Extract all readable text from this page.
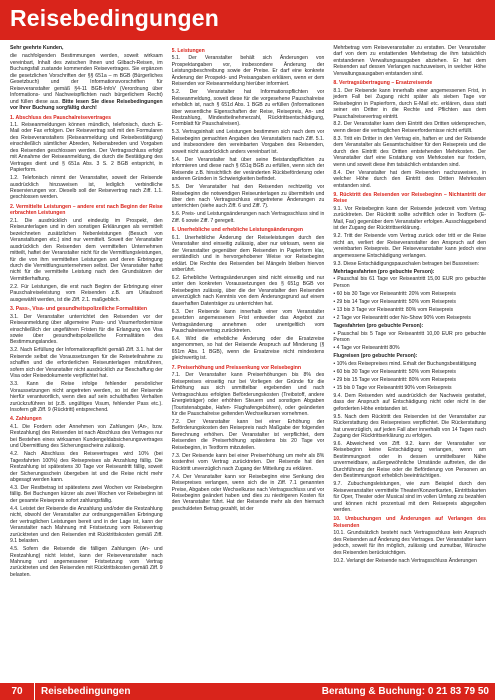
Reisebedingungen

Sehr geehrte Kunden,

die nachfolgenden Bestimmungen werden, soweit wirksam vereinbart, Inhalt des zwischen Ihnen und Gilbach-Reisen, im Buchungsfall zustande kommenden Reisevertrages. Sie ergänzen die gesetzlichen Vorschriften der §§ 651a – m BGB (Bürgerliches Gesetzbuch) und der Informationsvorschriften für Reiseveranstalter gemäß §4-11 BGB-InfoV (Verordnung über Informations- und Nachweispflichten nach bürgerlichem Recht) und füllen diese aus. Bitte lesen Sie diese Reisebedingungen vor Ihrer Buchung sorgfältig durch!

1. Abschluss des Pauschalreisevertrages

1.1. Reiseanmeldungen können mündlich, telefonisch, durch E-Mail oder Fax erfolgen. Der Reisevertrag soll mit den Formularen des Reiseveranstalters (Reiseanmeldung und Reisebestätigung) einschließlich sämtlicher Abreden, Nebenabreden und Vorgaben des Reisenden geschlossen werden. Der Vertragsschluss erfolgt mit Annahme der Reiseanmeldung, die durch die Bestätigung des Vertrages dient und § 651a Abs. 3 S. 2 BGB entspricht, in Papierform.

1.2. Telefonisch nimmt der Veranstalter, soweit der Reisende ausdrücklich hinzuweisen ist, lediglich verbindliche Reservierungen vor. Dieselb soll der Reisevertrag nach Ziff. 1.1. geschlossen werden.

2. Vermittelte Leistungen – andere erst nach Beginn der Reise erbrachten Leistungen

2.1. Die ausdrücklich und eindeutig im Prospekt, den Reiseunterlagen und in den sonstigen Erklärungen als vermittelt bezeichneten zusätzlichen Nebenleistungen (Besuch von Veranstaltungen etc.) sind nur vermittelt. Soweit der Veranstalter ausdrücklich den Reisenden dem vermittelten Unternehmen mitteilt, haftet der Veranstalter nicht für die Vermittlungsleistungen, für die von ihm vermittelten Leistungen und deren Erbringung durch die Vermittlungsunternehmen selbst. Der Veranstalter haftet nicht für die vermittelte Leistung nach den Grundsätzen der Vermittlerhaftung.

2.2. Für Leistungen, die erst nach Beginn der Erbringung einer Pauschalreiseleistung vom Reisenden z.B. am Urlaubsort ausgewählt werden, ist die Ziff. 2.1. maßgeblich.

3. Pass-, Visa- und gesundheitspolizeiliche Formalitäten

3.1. Der Veranstalter unterrichtet den Reisenden vor der Reiseanmeldung über allgemeine Pass- und Visumerfordernisse einschließlich der ungefähren Fristen für die Erlangung von Visa sowie über gesundheitspolizeiliche Formalitäten des Bestimmungslandes.

3.2. Nach Erfüllung der Informationspflicht gemäß Ziff. 3.1. hat der Reisende selbst die Voraussetzungen für die Reiseteilnahme zu schaffen und die erforderlichen Reiseunterlagen mitzuführen, sofern sich der Veranstalter nicht ausdrücklich zur Beschaffung der Visa oder Reisedokumente verpflichtet hat.

3.3. Kann die Reise infolge fehlender persönlicher Voraussetzungen nicht angetreten werden, so ist der Reisende hierfür verantwortlich, wenn dies auf sein schuldhaftes Verhalten zurückzuführen ist (z.B. ungültiges Visum, fehlender Pass etc.). Insofern gilt Ziff. 9 (Rücktritt) entsprechend.

4. Zahlungen

4.1. Die Fordern oder Annehmen von Zahlungen (An-, bzw. Restzahlung) des Reisenden ist nach Abschluss des Vertrages nur bei Bestehen eines wirksamen Kundengeldabsicherungsvertrages und Übermittlung des Sicherungsscheins zulässig.

4.2. Nach Abschluss des Reisevertrages wird 10% (bei Tagesfahrten 100%) des Reisepreises als Anzahlung fällig. Die Restzahlung ist spätestens 30 Tage vor Reiseantritt fällig, soweit der Sicherungsschein übergeben ist und die Reise nicht mehr abgesagt werden kann.

4.3. Der Restbetrag ist spätestens zwei Wochen vor Reisebeginn fällig. Bei Buchungen kürzer als zwei Wochen vor Reisebeginn ist der gesamte Reisepreis sofort zahlungsfällig.

4.4. Leistet der Reisende die Anzahlung und/oder die Restzahlung nicht, obwohl der Veranstalter zur ordnungsgemäßen Erbringung der vertraglichen Leistungen bereit und in der Lage ist, kann der Veranstalter nach Mahnung mit Fristsetzung vom Reisevertrag zurücktreten und den Reisenden mit Rücktrittskosten gemäß Ziff. 9.1 belasten.

4.5. Sofern die Reisende die fälligen Zahlungen (An- und Restzahlung) nicht leistet, kann der Reiseveranstalter nach Mahnung und angemessener Fristsetzung vom Vertrag zurücktreten und den Reisenden mit Rücktrittskosten gemäß Ziff. 9 belasten.

5. Leistungen

5.1. Der Veranstalter behält sich Änderungen von Prospektangaben vor, insbesondere Änderung der Leistungsbeschreibung sowie der Preise. Er darf eine konkrete Änderung der Prospekt- und Preisangaben erklären, wenn er dem Reisenden vor Reiseanmeldung hierüber informiert.

5.2. Der Veranstalter hat Informationspflichten vor Reiseanmeldung, soweit diese für die vorgesehene Pauschalreise erheblich ist, nach § 651d Abs. 1 BGB zu erfüllen (Informationen über wesentliche Eigenschaften der Reise, Reisepreis, An- und Restzahlung, Mindestteilnehmerzahl, Rücktrittsentschädigung, Formblatt für Pauschalreisen).

5.3. Vertragsinhalt und Leistungen bestimmen sich nach dem vor Reisebeginn gemachten Angaben des Veranstalters nach Ziff. 5.1. und insbesondere den vereinbarten Vorgaben des Reisenden, soweit nicht ausdrücklich anders vereinbart ist.

5.4. Der Veranstalter hat über seine Beistandspflichten zu informieren und diese nach § 651q BGB zu erfüllen, wenn sich der Reisende z.B. hinsichtlich der veränderten Rückbeförderung oder anderen Gründen in Schwierigkeiten befindet.

5.5. Der Veranstalter hat den Reisenden rechtzeitig vor Reisebeginn die notwendigen Reiseunterlagen zu übermitteln und über den nach Vertragsschluss eingetretene Änderungen zu unterrichten (siehe auch Ziff. 6 und Ziff. 7).

5.6. Preis- und Leistungsänderungen nach Vertragsschluss sind in Ziff. 6 sowie Ziff. 7 geregelt.

6. Unerhebliche und erhebliche Leistungsänderungen

6.1. Unerhebliche Änderung der Reiseleistungen durch den Veranstalter sind einseitig zulässig, aber nur wirksam, wenn sie der Veranstalter gegenüber dem Reisenden in Papierform klar, verständlich und in hervorgehobener Weise vor Reisebeginn erklärt. Die Rechte des Reisenden bei Mängeln bleiben hiervon unberührt.

6.2. Erhebliche Vertragsänderungen sind nicht einseitig und nur unter den konkreten Voraussetzungen des § 651g BGB vor Reisebeginn zulässig, über die der Veranstalter den Reisenden unverzüglich nach Kenntnis von dem Änderungsgrund auf einem dauerhaften Datenträger zu unterrichten hat.

6.3. Der Reisende kann innerhalb einer vom Veranstalter gesetzten angemessenen Frist entweder das Angebot zur Vertragsänderung annehmen oder unentgeltlich vom Pauschalreisevertrag zurücktreten.

6.4. Wird die erhebliche Änderung oder die Ersatzreise angenommen, so hat der Reisende Anspruch auf Minderung (§ 651m Abs. 1 BGB), wenn die Ersatzreise nicht mindestens gleichwertig ist.

7. Preiserhöhung und Preissenkung vor Reisebeginn

7.1. Der Veranstalter kann Preiserhöhungen bis 8% des Reisepreises einseitig nur bei Vorliegen der Gründe für die Erhöhung aus sich unmittelbar ergebenden und nach Vertragsschluss erfolgten Beförderungskosten (Treibstoff, andere Energieträger) oder erhöhten Steuern und sonstigen Abgaben (Touristenabgabe, Hafen- Flughafengebühren), oder geänderten für die Pauschalreise geltenden Wechselkursen vornehmen.

7.2. Der Veranstalter kann bei einer Erhöhung der Beförderungskosten den Reisepreis nach Maßgabe der folgenden Berechnung erhöhen. Der Veranstalter ist verpflichtet, dem Reisenden die Preiserhöhung spätestens bis 20 Tage vor Reisebeginn, in Textform mitzuteilen.

7.3. Der Reisende kann bei einer Preiserhöhung um mehr als 8% kostenfrei vom Vertrag zurücktreten. Der Reisende hat den Rücktritt unverzüglich nach Zugang der Mitteilung zu erklären.

7.4. Der Veranstalter kann vor Reisebeginn eine Senkung des Reisepreises verlangen, wenn sich die in Ziff. 7.1 genannten Preise, Abgaben oder Wechselkurse nach Vertragsschluss und vor Reisebeginn geändert haben und dies zu niedrigeren Kosten für den Veranstalter führt. Hat der Reisende mehr als den hiernach geschuldeten Betrag gezahlt, ist der

Mehrbetrag vom Reiseveranstalter zu erstatten. Der Veranstalter darf von dem zu erstattenden Mehrbetrag die ihm tatsächlich entstandenen Verwaltungsausgaben abziehen. Er hat dem Reisenden auf dessen Verlangen nachzuweisen, in welcher Höhe Verwaltungsausgaben entstanden sind.

8. Vertragsübertragung – Ersatzreisende

8.1. Der Reisende kann innerhalb einer angemessenen Frist, in jedem Fall bei Zugang nicht später als sieben Tage vor Reisebeginn in Papierform, durch E-Mail etc. erklären, dass statt seiner ein Dritter in die Rechte und Pflichten aus dem Pauschalreisevertrag eintritt.

8.2. Der Veranstalter kann dem Eintritt des Dritten widersprechen, wenn dieser die vertraglichen Reiseerfordernisse nicht erfüllt.

8.3. Tritt ein Dritter in den Vertrag ein, haften er und der Reisende dem Veranstalter als Gesamtschuldner für den Reisepreis und die durch den Eintritt des Dritten entstehenden Mehrkosten. Der Veranstalter darf eine Erstattung von Mehrkosten nur fordern, wenn und soweit diese ihm tatsächlich entstanden sind.

8.4. Der Veranstalter hat dem Reisenden nachzuweisen, in welcher Höhe durch den Eintritt des Dritten Mehrkosten entstanden sind.

9. Rücktritt des Reisenden vor Reisebeginn – Nichtantritt der Reise

9.1. Vor Reisebeginn kann der Reisende jederzeit vom Vertrag zurücktreten. Der Rücktritt sollte schriftlich oder in Textform (E-Mail, Fax) gegenüber dem Veranstalter erfolgen. Ausschlaggebend ist der Zugang der Rücktrittserklärung.

9.2. Tritt der Reisende vom Vertrag zurück oder tritt er die Reise nicht an, verliert der Reiseveranstalter den Anspruch auf den vereinbarten Reisepreis. Der Reiseveranstalter kann jedoch eine angemessene Entschädigung verlangen.

9.3. Diese Entschädigungspauschalen betragen bei Bussreisen:

Mehrtagesfahrten (pro gebuchte Person):

• Pauschal bis 61 Tage vor Reiseantritt 15,00 EUR pro gebuchte Person

• 60 bis 30 Tage vor Reiseantritt: 20% vom Reisepreis

• 29 bis 14 Tage vor Reiseantritt: 50% vom Reisepreis

• 13 bis 3 Tage vor Reiseantritt: 80% vom Reisepreis

• 2 Tage vor Reiseantritt oder No-Show 90% vom Reisepreis

Tagesfahrten (pro gebuchte Person):

• Pauschal bis 5 Tage vor Reiseantritt 10,00 EUR pro gebuchte Person

• 4 Tage vor Reiseantritt 80%

Flugreisen (pro gebuchte Person):

• 10% des Reisepreises mind. Erhalt der Buchungsbestätigung

• 60 bis 30 Tage vor Reiseantritt: 50% vom Reisepreis

• 29 bis 15 Tage vor Reiseantritt: 80% vom Reisepreis

• 15 bis 0 Tage vor Reiseantritt 90% vom Reisepreis

9.4. Dem Reisenden wird ausdrücklich der Nachweis gestattet, dass der Anspruch auf Entschädigung nicht oder nicht in der geforderten Höhe entstanden ist.

9.5. Nach dem Rücktritt des Reisenden ist der Veranstalter zur Rückerstattung des Reisepreises verpflichtet. Die Rückerstattung hat unverzüglich, auf jeden Fall aber innerhalb von 14 Tagen nach Zugang der Rücktrittserklärung zu erfolgen.

9.6. Abweichend von Ziff. 9.2. kann der Veranstalter vor Reisebeginn keine Entschädigung verlangen, wenn am Bestimmungsort oder in dessen unmittelbarer Nähe unvermeidbare, außergewöhnliche Umstände auftreten, die die Durchführung der Reise oder die Beförderung von Personen an den Bestimmungsort erheblich beeinträchtigen.

9.7. Zubuchungsleistungen, wie zum Beispiel durch den Reiseveranstalter vermittelte Theater/Konzertkarten, Eintrittskarten für Oper, Theater oder Musical sind im vollen Umfang zu bezahlen und können nicht prozentual mit dem Reisepreis abgegolten werden.

10. Umbuchungen und Änderungen auf Verlangen des Reisenden

10.1. Grundsätzlich besteht nach Vertragsschluss kein Anspruch des Reisenden auf Änderung des Vertrages. Der Veranstalter kann jedoch, soweit für ihn möglich, zulässig und zumutbar, Wünsche des Reisenden berücksichtigen.

10.2. Verlangt der Reisende nach Vertragsschluss Änderungen

70	Reisebedingungen	Beratung & Buchung: 0 21 83 79 50
